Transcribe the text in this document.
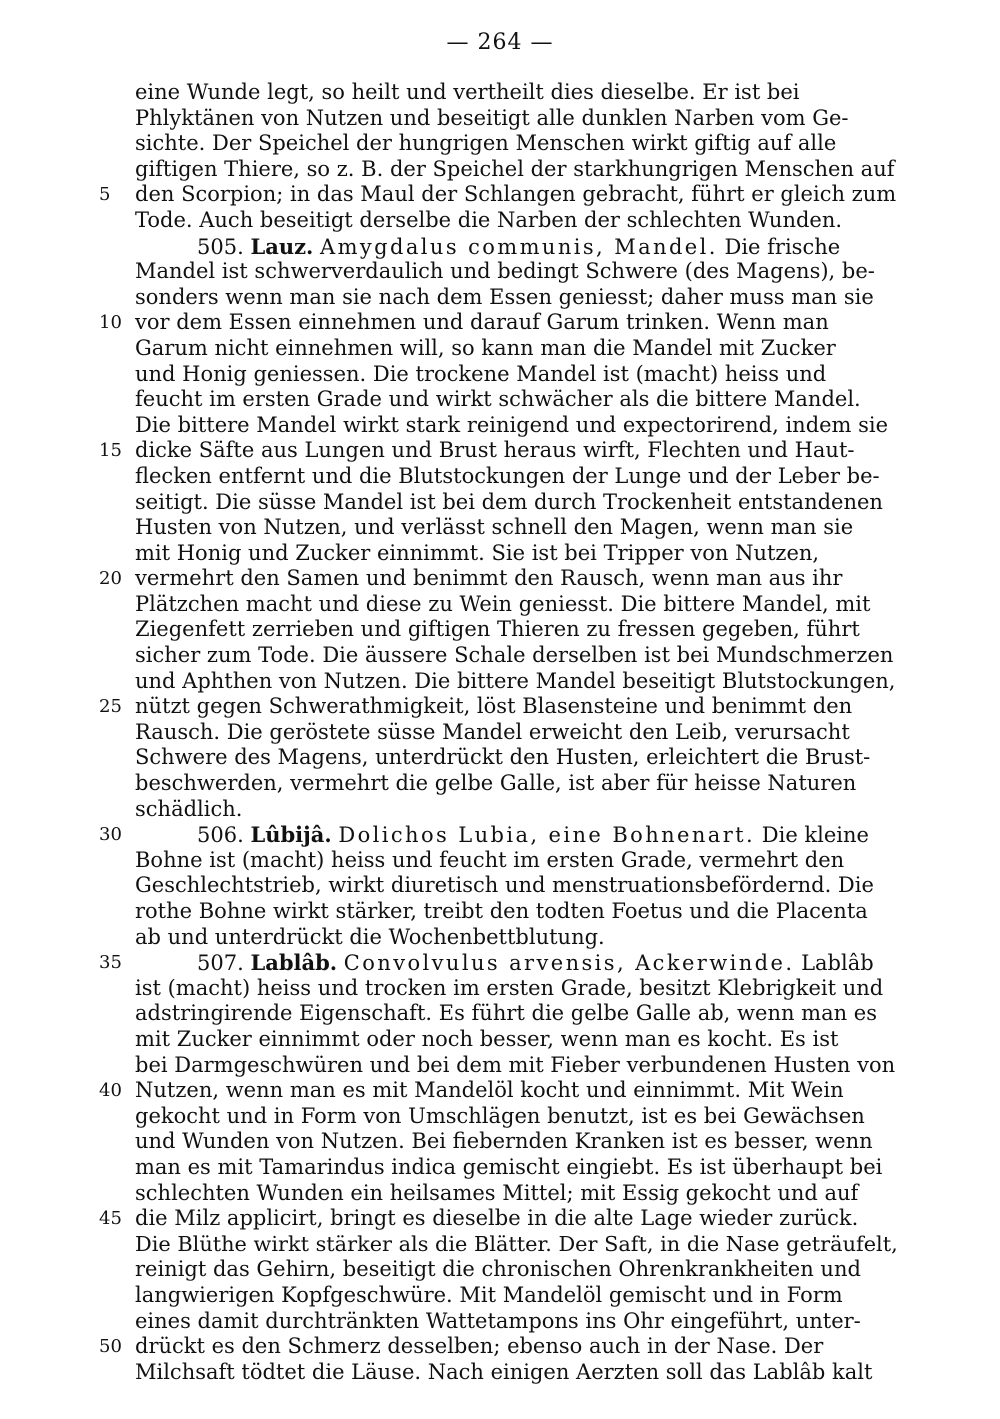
— 264 —
eine Wunde legt, so heilt und vertheilt dies dieselbe. Er ist bei
Phlyktänen von Nutzen und beseitigt alle dunklen Narben vom Ge-
sichte. Der Speichel der hungrigen Menschen wirkt giftig auf alle
giftigen Thiere, so z. B. der Speichel der starkhungrigen Menschen auf
5	den Scorpion; in das Maul der Schlangen gebracht, führt er gleich zum
Tode. Auch beseitigt derselbe die Narben der schlechten Wunden.
505. Lauz. Amygdalus communis, Mandel. Die frische
Mandel ist schwerverdaulich und bedingt Schwere (des Magens), be-
sonders wenn man sie nach dem Essen geniesst; daher muss man sie
10 vor dem Essen einnehmen und darauf Garum trinken. Wenn man
Garum nicht einnehmen will, so kann man die Mandel mit Zucker
und Honig geniessen. Die trockene Mandel ist (macht) heiss und
feucht im ersten Grade und wirkt schwächer als die bittere Mandel.
Die bittere Mandel wirkt stark reinigend und expectorirend, indem sie
15 dicke Säfte aus Lungen und Brust heraus wirft, Flechten und Haut-
flecken entfernt und die Blutstockungen der Lunge und der Leber be-
seitigt. Die süsse Mandel ist bei dem durch Trockenheit entstandenen
Husten von Nutzen, und verlässt schnell den Magen, wenn man sie
mit Honig und Zucker einnimmt. Sie ist bei Tripper von Nutzen,
20 vermehrt den Samen und benimmt den Rausch, wenn man aus ihr
Plätzchen macht und diese zu Wein geniesst. Die bittere Mandel, mit
Ziegenfett zerrieben und giftigen Thieren zu fressen gegeben, führt
sicher zum Tode. Die äussere Schale derselben ist bei Mundschmerzen
und Aphthen von Nutzen. Die bittere Mandel beseitigt Blutstockungen,
25 nützt gegen Schwerathmigkeit, löst Blasensteine und benimmt den
Rausch. Die geröstete süsse Mandel erweicht den Leib, verursacht
Schwere des Magens, unterdrückt den Husten, erleichtert die Brust-
beschwerden, vermehrt die gelbe Galle, ist aber für heisse Naturen
schädlich.
30	506. Lûbijâ. Dolichos Lubia, eine Bohnenart. Die kleine
Bohne ist (macht) heiss und feucht im ersten Grade, vermehrt den
Geschlechtstrieb, wirkt diuretisch und menstruationsbefördernd. Die
rothe Bohne wirkt stärker, treibt den todten Foetus und die Placenta
ab und unterdrückt die Wochenbettblutung.
35	507. Lablâb. Convolvulus arvensis, Ackerwinde. Lablâb
ist (macht) heiss und trocken im ersten Grade, besitzt Klebrigkeit und
adstringirende Eigenschaft. Es führt die gelbe Galle ab, wenn man es
mit Zucker einnimmt oder noch besser, wenn man es kocht. Es ist
bei Darmgeschwüren und bei dem mit Fieber verbundenen Husten von
40 Nutzen, wenn man es mit Mandelöl kocht und einnimmt. Mit Wein
gekocht und in Form von Umschlägen benutzt, ist es bei Gewächsen
und Wunden von Nutzen. Bei fiebernden Kranken ist es besser, wenn
man es mit Tamarindus indica gemischt eingiebt. Es ist überhaupt bei
schlechten Wunden ein heilsames Mittel; mit Essig gekocht und auf
45 die Milz applicirt, bringt es dieselbe in die alte Lage wieder zurück.
Die Blüthe wirkt stärker als die Blätter. Der Saft, in die Nase geträufelt,
reinigt das Gehirn, beseitigt die chronischen Ohrenkrankheiten und
langwierigen Kopfgeschwüre. Mit Mandelöl gemischt und in Form
eines damit durchtränkten Wattetampons ins Ohr eingeführt, unter-
50 drückt es den Schmerz desselben; ebenso auch in der Nase. Der
Milchsaft tödtet die Läuse. Nach einigen Aerzten soll das Lablâb kalt
